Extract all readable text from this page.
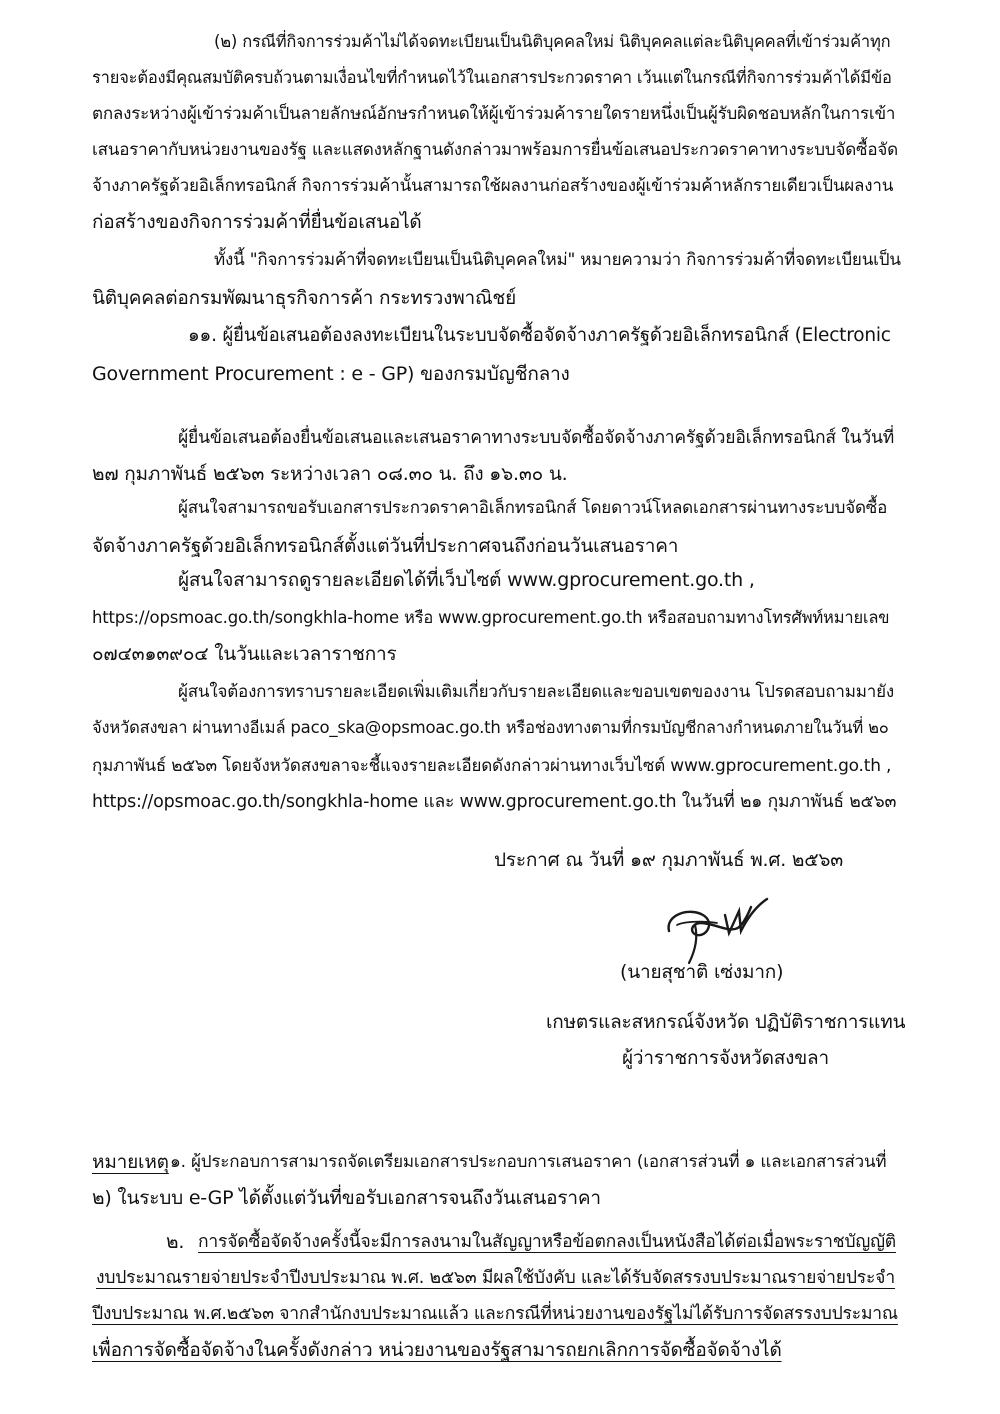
(๒) กรณีที่กิจการร่วมค้าไม่ได้จดทะเบียนเป็นนิติบุคคลใหม่ นิติบุคคลแต่ละนิติบุคคลที่เข้าร่วมค้าทุก
รายจะต้องมีคุณสมบัติครบถ้วนตามเงื่อนไขที่กำหนดไว้ในเอกสารประกวดราคา เว้นแต่ในกรณีที่กิจการร่วมค้าได้มีข้อ
ตกลงระหว่างผู้เข้าร่วมค้าเป็นลายลักษณ์อักษรกำหนดให้ผู้เข้าร่วมค้ารายใดรายหนึ่งเป็นผู้รับผิดชอบหลักในการเข้า
เสนอราคากับหน่วยงานของรัฐ และแสดงหลักฐานดังกล่าวมาพร้อมการยื่นข้อเสนอประกวดราคาทางระบบจัดซื้อจัด
จ้างภาครัฐด้วยอิเล็กทรอนิกส์ กิจการร่วมค้านั้นสามารถใช้ผลงานก่อสร้างของผู้เข้าร่วมค้าหลักรายเดียวเป็นผลงาน
ก่อสร้างของกิจการร่วมค้าที่ยื่นข้อเสนอได้
ทั้งนี้ "กิจการร่วมค้าที่จดทะเบียนเป็นนิติบุคคลใหม่" หมายความว่า กิจการร่วมค้าที่จดทะเบียนเป็น
นิติบุคคลต่อกรมพัฒนาธุรกิจการค้า กระทรวงพาณิชย์
๑๑. ผู้ยื่นข้อเสนอต้องลงทะเบียนในระบบจัดซื้อจัดจ้างภาครัฐด้วยอิเล็กทรอนิกส์ (Electronic
Government Procurement : e - GP) ของกรมบัญชีกลาง
ผู้ยื่นข้อเสนอต้องยื่นข้อเสนอและเสนอราคาทางระบบจัดซื้อจัดจ้างภาครัฐด้วยอิเล็กทรอนิกส์ ในวันที่
๒๗ กุมภาพันธ์ ๒๕๖๓ ระหว่างเวลา ๐๘.๓๐ น. ถึง ๑๖.๓๐ น.
ผู้สนใจสามารถขอรับเอกสารประกวดราคาอิเล็กทรอนิกส์ โดยดาวน์โหลดเอกสารผ่านทางระบบจัดซื้อ
จัดจ้างภาครัฐด้วยอิเล็กทรอนิกส์ตั้งแต่วันที่ประกาศจนถึงก่อนวันเสนอราคา
ผู้สนใจสามารถดูรายละเอียดได้ที่เว็บไซต์ www.gprocurement.go.th ,
https://opsmoac.go.th/songkhla-home หรือ www.gprocurement.go.th หรือสอบถามทางโทรศัพท์หมายเลข
๐๗๔๓๑๓๙๐๔ ในวันและเวลาราชการ
ผู้สนใจต้องการทราบรายละเอียดเพิ่มเติมเกี่ยวกับรายละเอียดและขอบเขตของงาน โปรดสอบถามมายัง
จังหวัดสงขลา ผ่านทางอีเมล์ paco_ska@opsmoac.go.th หรือช่องทางตามที่กรมบัญชีกลางกำหนดภายในวันที่ ๒๐
กุมภาพันธ์ ๒๕๖๓ โดยจังหวัดสงขลาจะชี้แจงรายละเอียดดังกล่าวผ่านทางเว็บไซต์ www.gprocurement.go.th ,
https://opsmoac.go.th/songkhla-home และ www.gprocurement.go.th ในวันที่ ๒๑ กุมภาพันธ์ ๒๕๖๓
ประกาศ ณ วันที่ ๑๙ กุมภาพันธ์ พ.ศ. ๒๕๖๓
(นายสุชาติ เซ่งมาก)
เกษตรและสหกรณ์จังหวัด ปฏิบัติราชการแทน
ผู้ว่าราชการจังหวัดสงขลา
หมายเหตุ ๑. ผู้ประกอบการสามารถจัดเตรียมเอกสารประกอบการเสนอราคา (เอกสารส่วนที่ ๑ และเอกสารส่วนที่
๒) ในระบบ e-GP ได้ตั้งแต่วันที่ขอรับเอกสารจนถึงวันเสนอราคา
๒. การจัดซื้อจัดจ้างครั้งนี้จะมีการลงนามในสัญญาหรือข้อตกลงเป็นหนังสือได้ต่อเมื่อพระราชบัญญัติ
งบประมาณรายจ่ายประจำปีงบประมาณ พ.ศ. ๒๕๖๓ มีผลใช้บังคับ และได้รับจัดสรรงบประมาณรายจ่ายประจำ
ปีงบประมาณ พ.ศ.๒๕๖๓ จากสำนักงบประมาณแล้ว และกรณีที่หน่วยงานของรัฐไม่ได้รับการจัดสรรงบประมาณ
เพื่อการจัดซื้อจัดจ้างในครั้งดังกล่าว หน่วยงานของรัฐสามารถยกเลิกการจัดซื้อจัดจ้างได้
